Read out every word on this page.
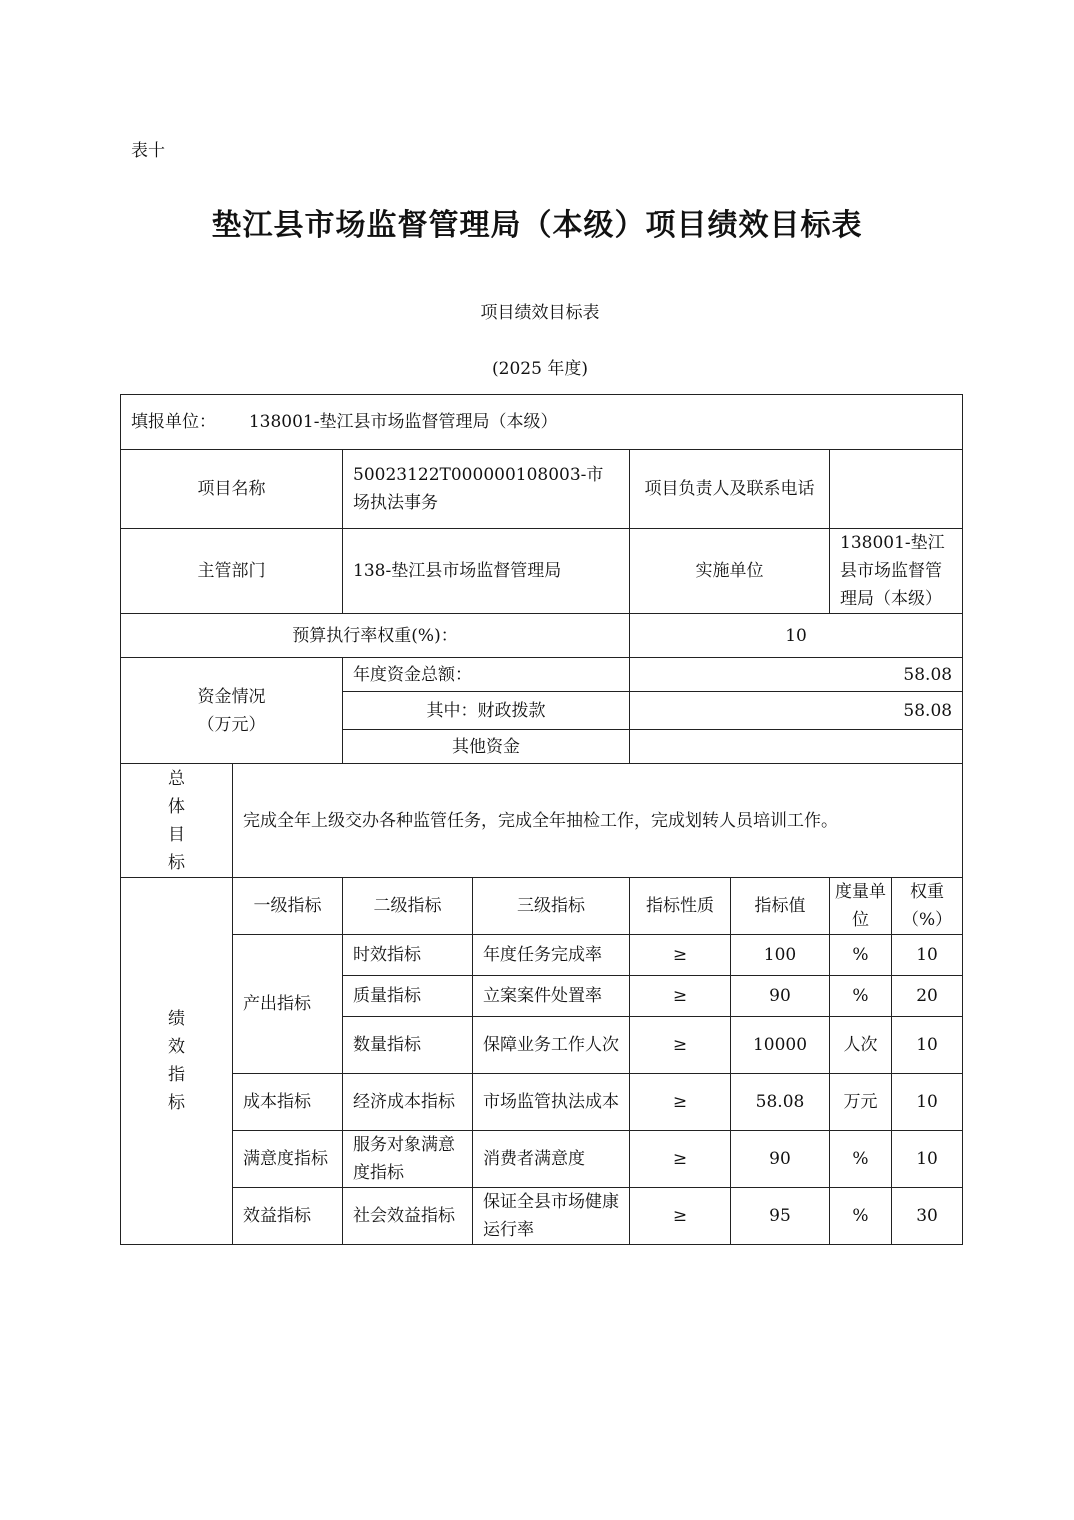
表十
垫江县市场监督管理局（本级）项目绩效目标表
项目绩效目标表
(2025 年度)
填报单位： 138001-垫江县市场监督管理局（本级）							
项目名称		50023122T000000108003-市场执法事务		项目负责人及联系电话			
主管部门		138-垫江县市场监督管理局		实施单位		138001-垫江县市场监督管理局（本级）	
预算执行率权重(%)：				10			

资金情况
（万元）		年度资金总额：		58.08			
		其中：财政拨款		58.08			
		其他资金					

总
体
目
标	完成全年上级交办各种监管任务，完成全年抽检工作，完成划转人员培训工作。						

绩
效
指
标	一级指标	二级指标	三级指标	指标性质	指标值	度量单位	权重（%）
	产出指标	时效指标	年度任务完成率	≥	100	%	10
		质量指标	立案案件处置率	≥	90	%	20
		数量指标	保障业务工作人次	≥	10000	人次	10
	成本指标	经济成本指标	市场监管执法成本	≥	58.08	万元	10
	满意度指标	服务对象满意度指标	消费者满意度	≥	90	%	10
	效益指标	社会效益指标	保证全县市场健康运行率	≥	95	%	30
